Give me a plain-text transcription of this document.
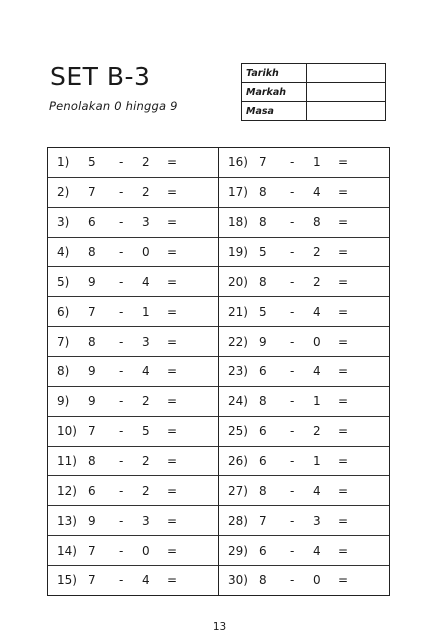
SET B-3
Penolakan 0 hingga 9
Tarikh	
Markah	
Masa	
1) 5 - 2 =
2) 7 - 2 =
3) 6 - 3 =
4) 8 - 0 =
5) 9 - 4 =
6) 7 - 1 =
7) 8 - 3 =
8) 9 - 4 =
9) 9 - 2 =
10) 7 - 5 =
11) 8 - 2 =
12) 6 - 2 =
13) 9 - 3 =
14) 7 - 0 =
15) 7 - 4 =
16) 7 - 1 =
17) 8 - 4 =
18) 8 - 8 =
19) 5 - 2 =
20) 8 - 2 =
21) 5 - 4 =
22) 9 - 0 =
23) 6 - 4 =
24) 8 - 1 =
25) 6 - 2 =
26) 6 - 1 =
27) 8 - 4 =
28) 7 - 3 =
29) 6 - 4 =
30) 8 - 0 =
13
